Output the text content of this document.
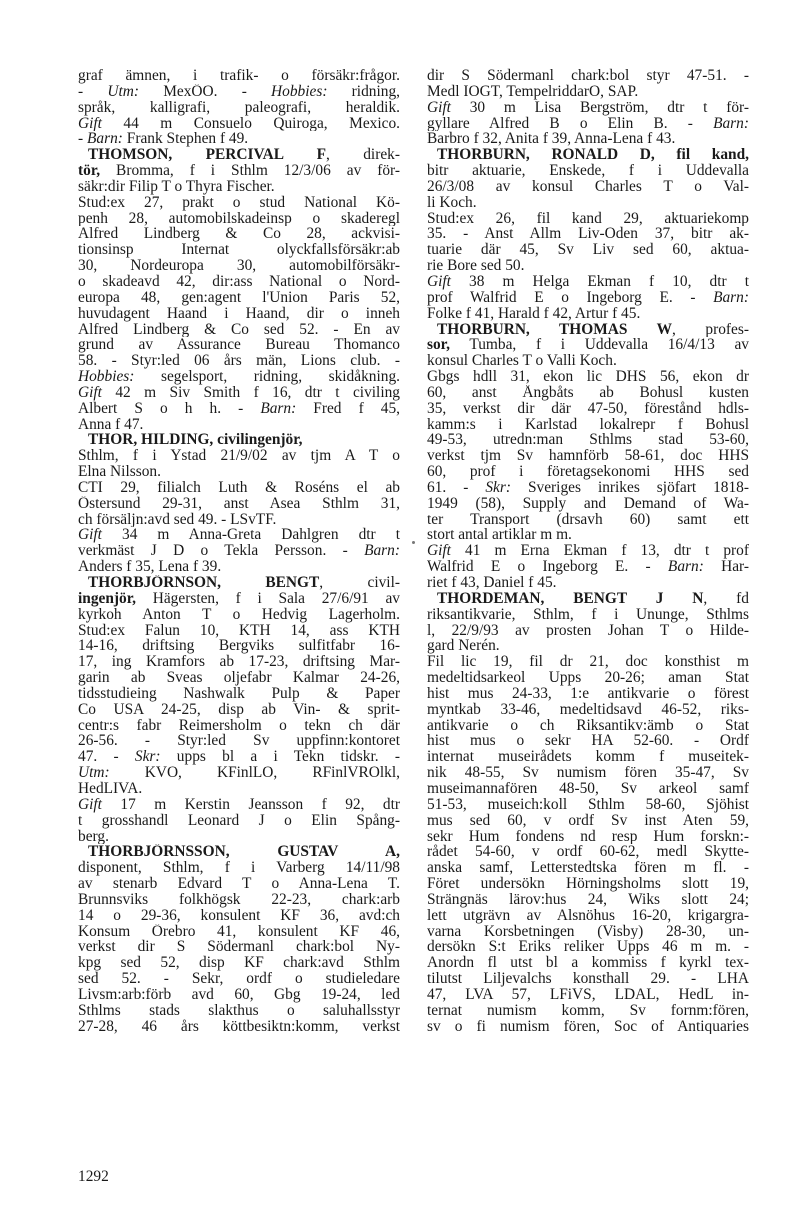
graf ämnen, i trafik- o försäkr:frågor.
- Utm: MexÖO. - Hobbies: ridning,
språk, kalligrafi, paleografi, heraldik.
Gift 44 m Consuelo Quiroga, Mexico.
- Barn: Frank Stephen f 49.
THOMSON, PERCIVAL F, direk-
tör, Bromma, f i Sthlm 12/3/06 av för-
säkr:dir Filip T o Thyra Fischer.
Stud:ex 27, prakt o stud National Kö-
penh 28, automobilskadeinsp o skaderegl
Alfred Lindberg & Co 28, ackvisi-
tionsinsp Internat olyckfallsförsäkr:ab
30, Nordeuropa 30, automobilförsäkr-
o skadeavd 42, dir:ass National o Nord-
europa 48, gen:agent l'Union Paris 52,
huvudagent Haand i Haand, dir o inneh
Alfred Lindberg & Co sed 52. - En av
grund av Assurance Bureau Thomanco
58. - Styr:led 06 års män, Lions club. -
Hobbies: segelsport, ridning, skidåkning.
Gift 42 m Siv Smith f 16, dtr t civiling
Albert S o h h. - Barn: Fred f 45,
Anna f 47.
THOR, HILDING, civilingenjör,
Sthlm, f i Ystad 21/9/02 av tjm A T o
Elna Nilsson.
CTI 29, filialch Luth & Roséns el ab
Östersund 29-31, anst Asea Sthlm 31,
ch försäljn:avd sed 49. - LSvTF.
Gift 34 m Anna-Greta Dahlgren dtr t
verkmäst J D o Tekla Persson. - Barn:
Anders f 35, Lena f 39.
THORBJÖRNSON, BENGT, civil-
ingenjör, Hägersten, f i Sala 27/6/91 av
kyrkoh Anton T o Hedvig Lagerholm.
Stud:ex Falun 10, KTH 14, ass KTH
14-16, driftsing Bergviks sulfitfabr 16-
17, ing Kramfors ab 17-23, driftsing Mar-
garin ab Sveas oljefabr Kalmar 24-26,
tidsstudieing Nashwalk Pulp & Paper
Co USA 24-25, disp ab Vin- & sprit-
centr:s fabr Reimersholm o tekn ch där
26-56. - Styr:led Sv uppfinn:kontoret
47. - Skr: upps bl a i Tekn tidskr. -
Utm: KVO, KFinlLO, RFinlVROlkl,
HedLIVA.
Gift 17 m Kerstin Jeansson f 92, dtr
t grosshandl Leonard J o Elin Spång-
berg.
THORBJÖRNSSON, GUSTAV A,
disponent, Sthlm, f i Varberg 14/11/98
av stenarb Edvard T o Anna-Lena T.
Brunnsviks folkhögsk 22-23, chark:arb
14 o 29-36, konsulent KF 36, avd:ch
Konsum Örebro 41, konsulent KF 46,
verkst dir S Södermanl chark:bol Ny-
kpg sed 52, disp KF chark:avd Sthlm
sed 52. - Sekr, ordf o studieledare
Livsm:arb:förb avd 60, Gbg 19-24, led
Sthlms stads slakthus o saluhallsstyr
27-28, 46 års köttbesiktn:komm, verkst
dir S Södermanl chark:bol styr 47-51. -
Medl IOGT, TempelriddarO, SAP.
Gift 30 m Lisa Bergström, dtr t för-
gyllare Alfred B o Elin B. - Barn:
Barbro f 32, Anita f 39, Anna-Lena f 43.
THORBURN, RONALD D, fil kand,
bitr aktuarie, Enskede, f i Uddevalla
26/3/08 av konsul Charles T o Val-
li Koch.
Stud:ex 26, fil kand 29, aktuariekomp
35. - Anst Allm Liv-Oden 37, bitr ak-
tuarie där 45, Sv Liv sed 60, aktua-
rie Bore sed 50.
Gift 38 m Helga Ekman f 10, dtr t
prof Walfrid E o Ingeborg E. - Barn:
Folke f 41, Harald f 42, Artur f 45.
THORBURN, THOMAS W, profes-
sor, Tumba, f i Uddevalla 16/4/13 av
konsul Charles T o Valli Koch.
Gbgs hdll 31, ekon lic DHS 56, ekon dr
60, anst Ångbåts ab Bohusl kusten
35, verkst dir där 47-50, förestånd hdls-
kamm:s i Karlstad lokalrepr f Bohusl
49-53, utredn:man Sthlms stad 53-60,
verkst tjm Sv hamnförb 58-61, doc HHS
60, prof i företagsekonomi HHS sed
61. - Skr: Sveriges inrikes sjöfart 1818-
1949 (58), Supply and Demand of Wa-
ter Transport (drsavh 60) samt ett
stort antal artiklar m m.
Gift 41 m Erna Ekman f 13, dtr t prof
Walfrid E o Ingeborg E. - Barn: Har-
riet f 43, Daniel f 45.
THORDEMAN, BENGT J N, fd
riksantikvarie, Sthlm, f i Ununge, Sthlms
l, 22/9/93 av prosten Johan T o Hilde-
gard Nerén.
Fil lic 19, fil dr 21, doc konsthist m
medeltidsarkeol Upps 20-26; aman Stat
hist mus 24-33, 1:e antikvarie o förest
myntkab 33-46, medeltidsavd 46-52, riks-
antikvarie o ch Riksantikv:ämb o Stat
hist mus o sekr HA 52-60. - Ordf
internat museirådets komm f museitek-
nik 48-55, Sv numism fören 35-47, Sv
museimannafören 48-50, Sv arkeol samf
51-53, museich:koll Sthlm 58-60, Sjöhist
mus sed 60, v ordf Sv inst Aten 59,
sekr Hum fondens nd resp Hum forskn:-
rådet 54-60, v ordf 60-62, medl Skytte-
anska samf, Letterstedtska fören m fl. -
Föret undersökn Hörningsholms slott 19,
Strängnäs lärov:hus 24, Wiks slott 24;
lett utgrävn av Alsnöhus 16-20, krigargra-
varna Korsbetningen (Visby) 28-30, un-
dersökn S:t Eriks reliker Upps 46 m m. -
Anordn fl utst bl a kommiss f kyrkl tex-
tilutst Liljevalchs konsthall 29. - LHA
47, LVA 57, LFiVS, LDAL, HedL in-
ternat numism komm, Sv fornm:fören,
sv o fi numism fören, Soc of Antiquaries
1292
